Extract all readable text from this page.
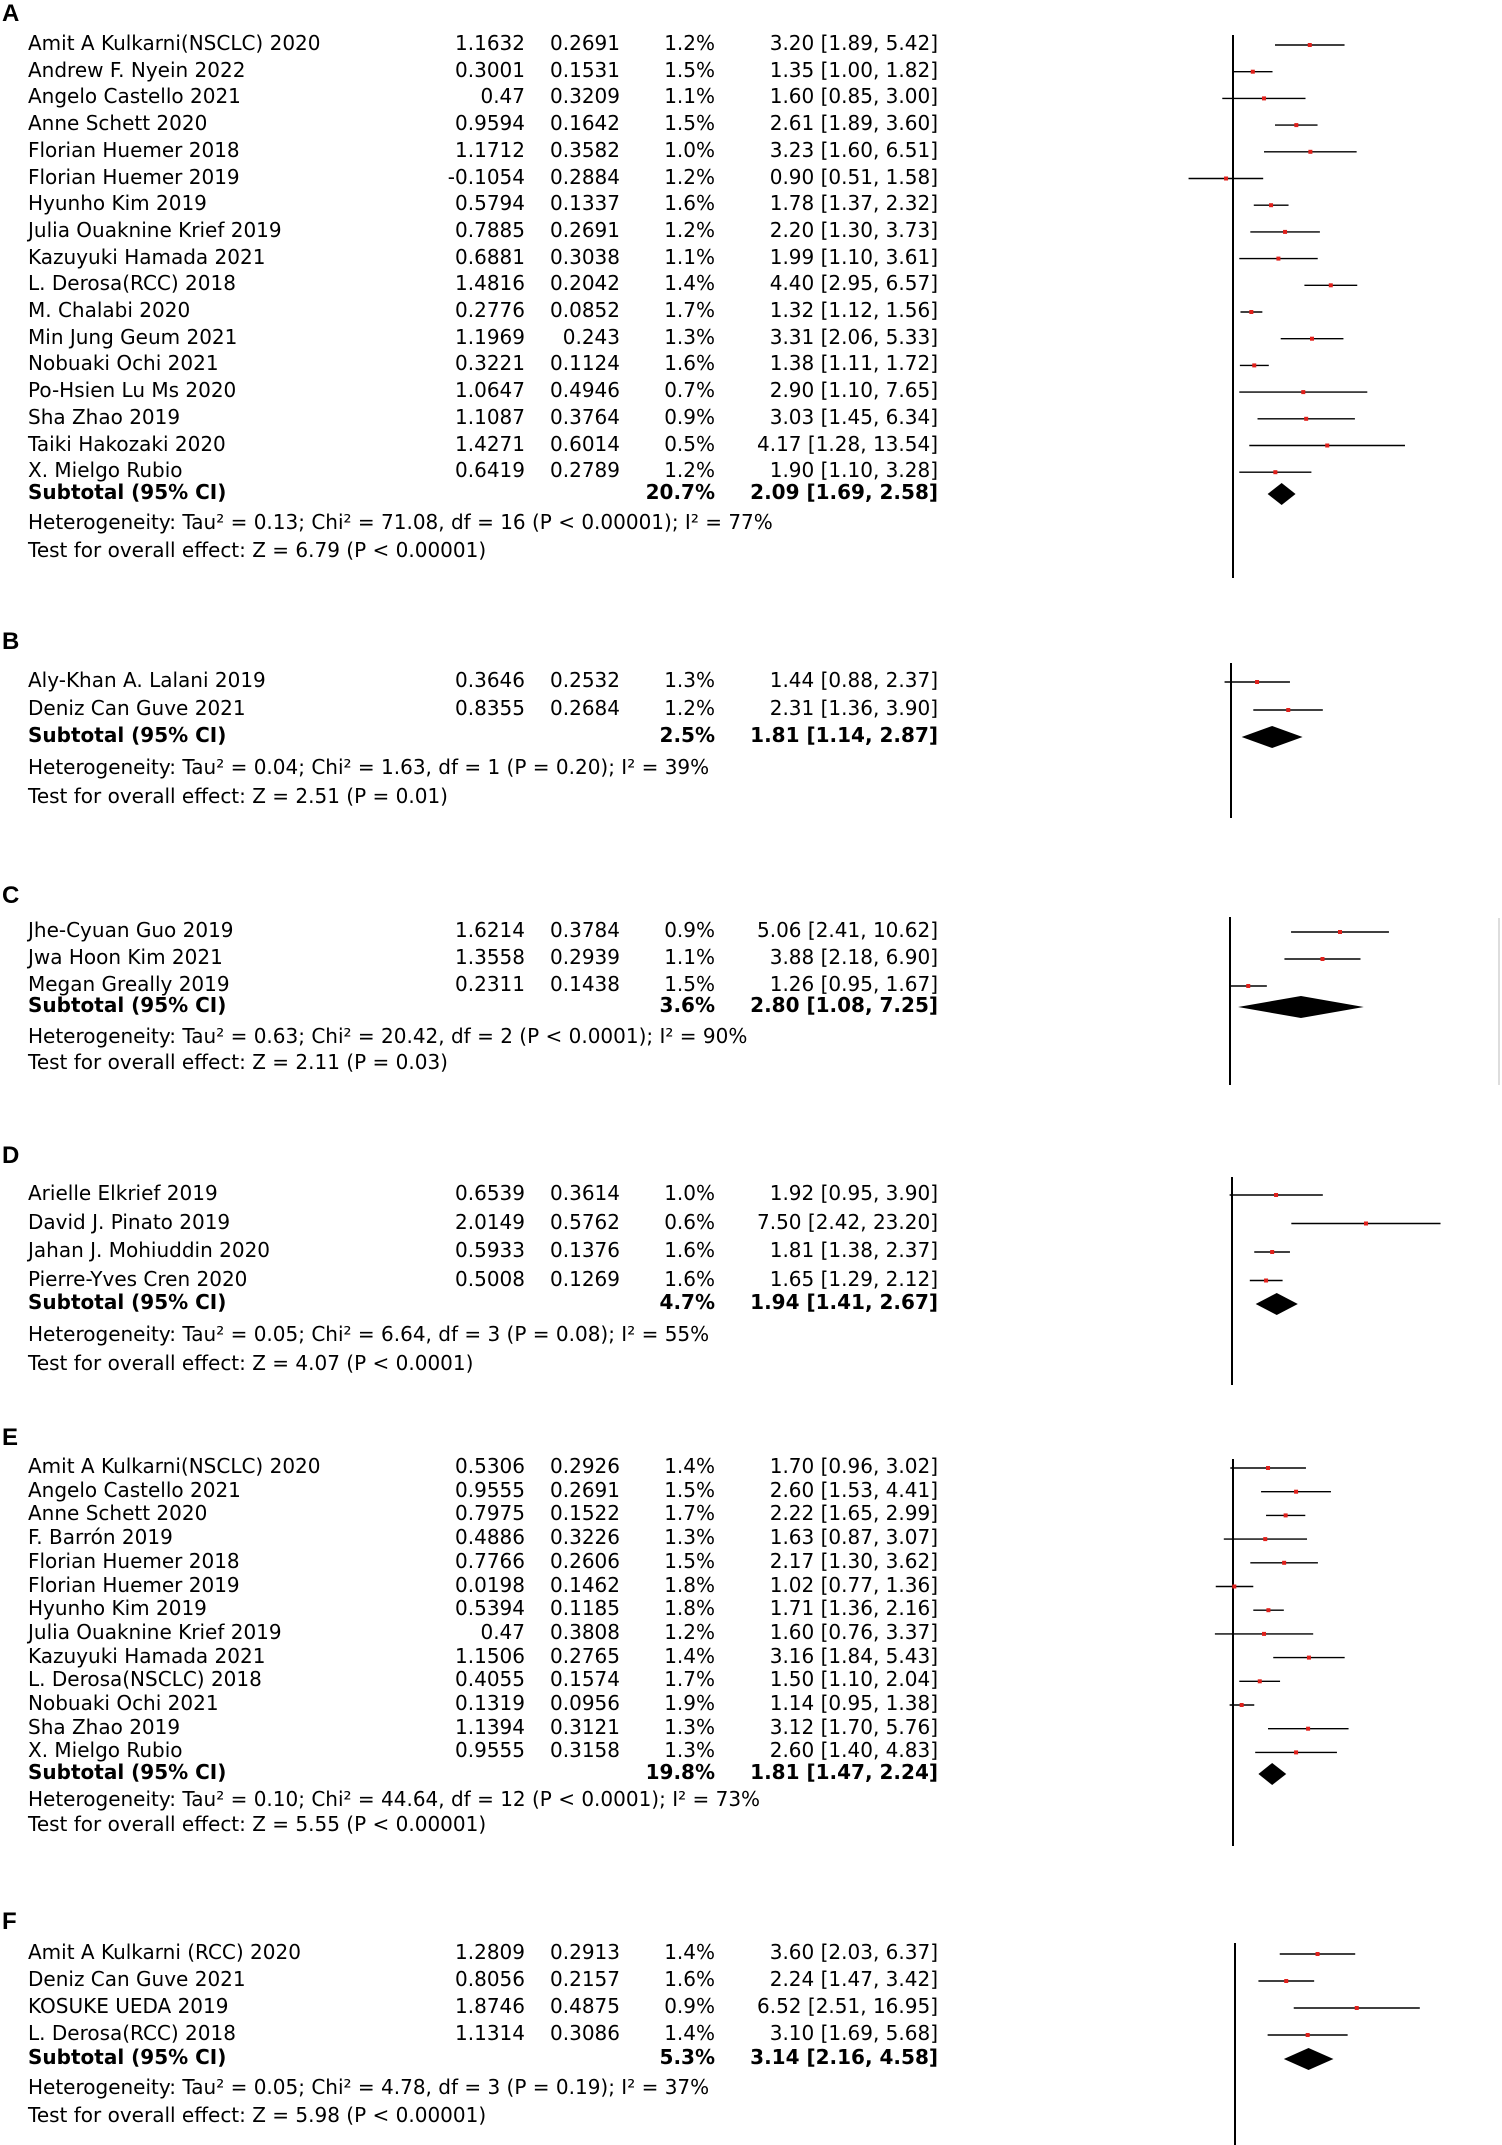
A
Amit A Kulkarni(NSCLC) 2020	1.1632 0.2691 1.2%	3.20 [1.89, 5.42]
Andrew F. Nyein 2022	0.3001 0.1531 1.5%	1.35 [1.00, 1.82]
Angelo Castello 2021	0.47 0.3209 1.1%	1.60 [0.85, 3.00]
Anne Schett 2020	0.9594 0.1642 1.5%	2.61 [1.89, 3.60]
Florian Huemer 2018	1.1712 0.3582 1.0%	3.23 [1.60, 6.51]
Florian Huemer 2019	-0.1054 0.2884 1.2%	0.90 [0.51, 1.58]
Hyunho Kim 2019	0.5794 0.1337 1.6%	1.78 [1.37, 2.32]
Julia Ouaknine Krief 2019	0.7885 0.2691 1.2%	2.20 [1.30, 3.73]
Kazuyuki Hamada 2021	0.6881 0.3038 1.1%	1.99 [1.10, 3.61]
L. Derosa(RCC) 2018	1.4816 0.2042 1.4%	4.40 [2.95, 6.57]
M. Chalabi 2020	0.2776 0.0852 1.7%	1.32 [1.12, 1.56]
Min Jung Geum 2021	1.1969 0.243 1.3%	3.31 [2.06, 5.33]
Nobuaki Ochi 2021	0.3221 0.1124 1.6%	1.38 [1.11, 1.72]
Po-Hsien Lu Ms 2020	1.0647 0.4946 0.7%	2.90 [1.10, 7.65]
Sha Zhao 2019	1.1087 0.3764 0.9%	3.03 [1.45, 6.34]
Taiki Hakozaki 2020	1.4271 0.6014 0.5% 4.17 [1.28, 13.54]
X. Mielgo Rubio	0.6419 0.2789 1.2%	1.90 [1.10, 3.28]
Subtotal (95% CI)	20.7% 2.09 [1.69, 2.58]
Heterogeneity: Tau² = 0.13; Chi² = 71.08, df = 16 (P < 0.00001); I² = 77%
Test for overall effect: Z = 6.79 (P < 0.00001)
B
Aly-Khan A. Lalani 2019	0.3646 0.2532 1.3%	1.44 [0.88, 2.37]
Deniz Can Guve 2021	0.8355 0.2684 1.2%	2.31 [1.36, 3.90]
Subtotal (95% CI)	2.5% 1.81 [1.14, 2.87]
Heterogeneity: Tau² = 0.04; Chi² = 1.63, df = 1 (P = 0.20); I² = 39%
Test for overall effect: Z = 2.51 (P = 0.01)
C
Jhe-Cyuan Guo 2019	1.6214 0.3784 0.9% 5.06 [2.41, 10.62]
Jwa Hoon Kim 2021	1.3558 0.2939 1.1%	3.88 [2.18, 6.90]
Megan Greally 2019	0.2311 0.1438 1.5%	1.26 [0.95, 1.67]
Subtotal (95% CI)	3.6% 2.80 [1.08, 7.25]
Heterogeneity: Tau² = 0.63; Chi² = 20.42, df = 2 (P < 0.0001); I² = 90%
Test for overall effect: Z = 2.11 (P = 0.03)
D
Arielle Elkrief 2019	0.6539 0.3614 1.0%	1.92 [0.95, 3.90]
David J. Pinato 2019	2.0149 0.5762 0.6% 7.50 [2.42, 23.20]
Jahan J. Mohiuddin 2020	0.5933 0.1376 1.6%	1.81 [1.38, 2.37]
Pierre-Yves Cren 2020	0.5008 0.1269 1.6%	1.65 [1.29, 2.12]
Subtotal (95% CI)	4.7% 1.94 [1.41, 2.67]
Heterogeneity: Tau² = 0.05; Chi² = 6.64, df = 3 (P = 0.08); I² = 55%
Test for overall effect: Z = 4.07 (P < 0.0001)
E
Amit A Kulkarni(NSCLC) 2020	0.5306 0.2926 1.4%	1.70 [0.96, 3.02]
Angelo Castello 2021	0.9555 0.2691 1.5%	2.60 [1.53, 4.41]
Anne Schett 2020	0.7975 0.1522 1.7%	2.22 [1.65, 2.99]
F. Barrón 2019	0.4886 0.3226 1.3%	1.63 [0.87, 3.07]
Florian Huemer 2018	0.7766 0.2606 1.5%	2.17 [1.30, 3.62]
Florian Huemer 2019	0.0198 0.1462 1.8%	1.02 [0.77, 1.36]
Hyunho Kim 2019	0.5394 0.1185 1.8%	1.71 [1.36, 2.16]
Julia Ouaknine Krief 2019	0.47 0.3808 1.2%	1.60 [0.76, 3.37]
Kazuyuki Hamada 2021	1.1506 0.2765 1.4%	3.16 [1.84, 5.43]
L. Derosa(NSCLC) 2018	0.4055 0.1574 1.7%	1.50 [1.10, 2.04]
Nobuaki Ochi 2021	0.1319 0.0956 1.9%	1.14 [0.95, 1.38]
Sha Zhao 2019	1.1394 0.3121 1.3%	3.12 [1.70, 5.76]
X. Mielgo Rubio	0.9555 0.3158 1.3%	2.60 [1.40, 4.83]
Subtotal (95% CI)	19.8% 1.81 [1.47, 2.24]
Heterogeneity: Tau² = 0.10; Chi² = 44.64, df = 12 (P < 0.0001); I² = 73%
Test for overall effect: Z = 5.55 (P < 0.00001)
F
Amit A Kulkarni (RCC) 2020	1.2809 0.2913 1.4%	3.60 [2.03, 6.37]
Deniz Can Guve 2021	0.8056 0.2157 1.6%	2.24 [1.47, 3.42]
KOSUKE UEDA 2019	1.8746 0.4875 0.9% 6.52 [2.51, 16.95]
L. Derosa(RCC) 2018	1.1314 0.3086 1.4%	3.10 [1.69, 5.68]
Subtotal (95% CI)	5.3% 3.14 [2.16, 4.58]
Heterogeneity: Tau² = 0.05; Chi² = 4.78, df = 3 (P = 0.19); I² = 37%
Test for overall effect: Z = 5.98 (P < 0.00001)
